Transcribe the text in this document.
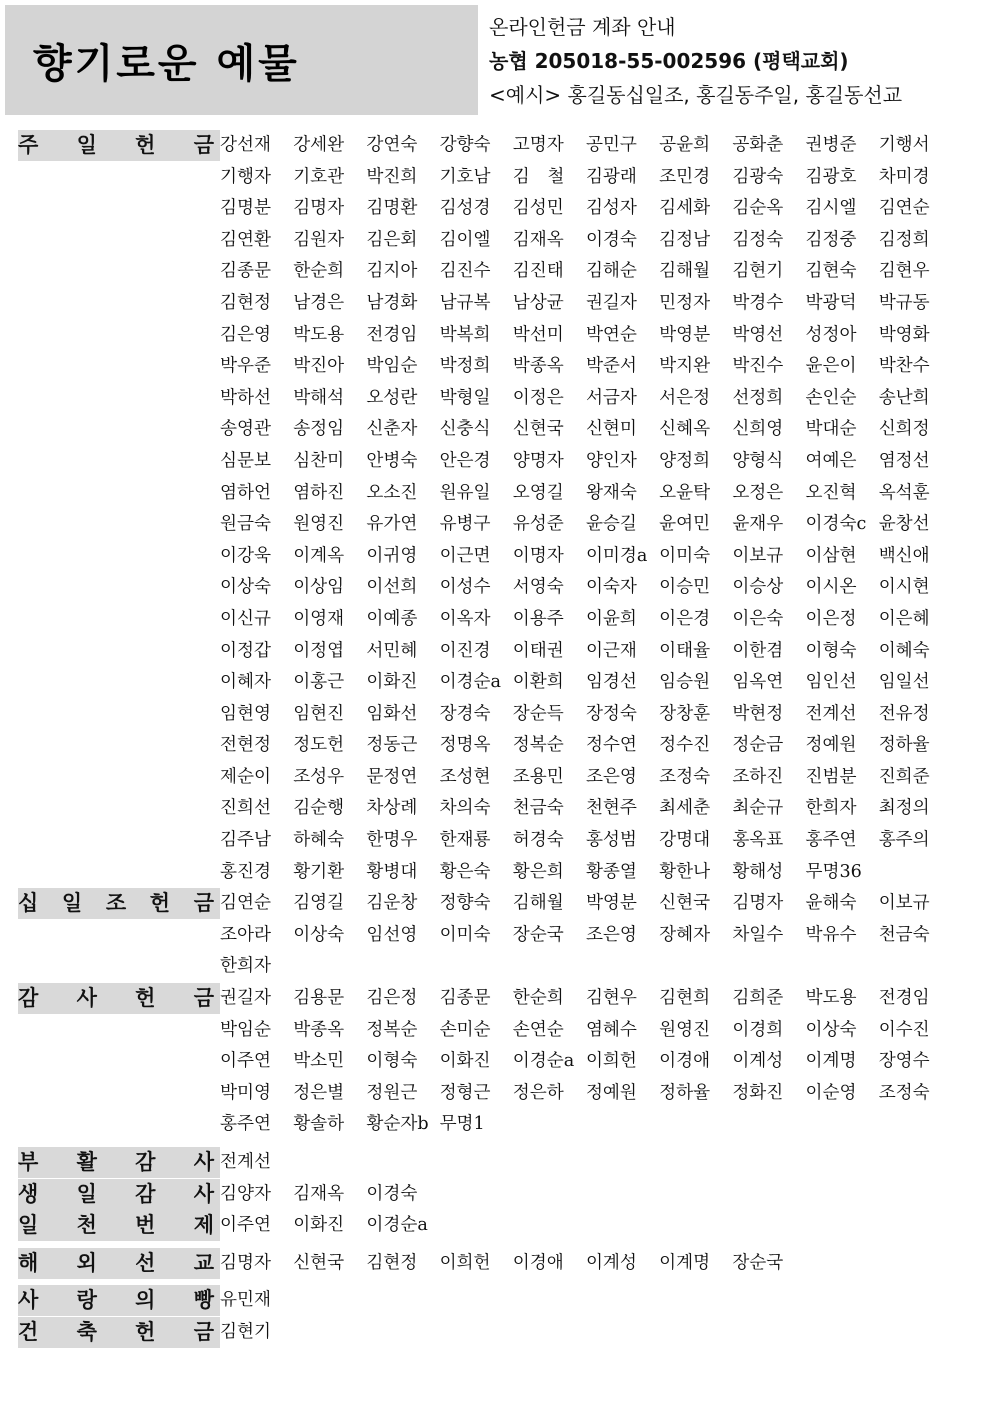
향기로운 예물
온라인헌금 계좌 안내
농협 205018-55-002596 (평택교회)
<예시> 홍길동십일조, 홍길동주일, 홍길동선교
주 일 헌 금 강선재	강세완	강연숙	강향숙	고명자	공민구	공윤희	공화춘	권병준	기행서
기행자	기호관	박진희	기호남	김　철	김광래	조민경	김광숙	김광호	차미경
김명분	김명자	김명환	김성경	김성민	김성자	김세화	김순옥	김시엘	김연순
김연환	김원자	김은회	김이엘	김재옥	이경숙	김정남	김정숙	김정중	김정희
김종문	한순희	김지아	김진수	김진태	김해순	김해월	김현기	김현숙	김현우
김현정	남경은	남경화	남규복	남상균	권길자	민정자	박경수	박광덕	박규동
김은영	박도용	전경임	박복희	박선미	박연순	박영분	박영선	성정아	박영화
박우준	박진아	박임순	박정희	박종옥	박준서	박지완	박진수	윤은이	박찬수
박하선	박해석	오성란	박형일	이정은	서금자	서은정	선정희	손인순	송난희
송영관	송정임	신춘자	신충식	신현국	신현미	신혜옥	신희영	박대순	신희정
심문보	심찬미	안병숙	안은경	양명자	양인자	양정희	양형식	여예은	염정선
염하언	염하진	오소진	원유일	오영길	왕재숙	오윤탁	오정은	오진혁	옥석훈
원금숙	원영진	유가연	유병구	유성준	윤승길	윤여민	윤재우	이경숙c 윤창선
이강욱	이계옥	이귀영	이근면	이명자	이미경a 이미숙	이보규	이삼현	백신애
이상숙	이상임	이선희	이성수	서영숙	이숙자	이승민	이승상	이시온	이시현
이신규	이영재	이예종	이옥자	이용주	이윤희	이은경	이은숙	이은정	이은혜
이정갑	이정엽	서민혜	이진경	이태권	이근재	이태율	이한겸	이형숙	이혜숙
이혜자	이홍근	이화진	이경순a 이환희	임경선	임승원	임옥연	임인선	임일선
임현영	임현진	임화선	장경숙	장순득	장정숙	장창훈	박현정	전계선	전유정
전현정	정도헌	정동근	정명옥	정복순	정수연	정수진	정순금	정예원	정하율
제순이	조성우	문정연	조성현	조용민	조은영	조정숙	조하진	진범분	진희준
진희선	김순행	차상례	차의숙	천금숙	천현주	최세춘	최순규	한희자	최정의
김주남	하혜숙	한명우	한재룡	허경숙	홍성범	강명대	홍옥표	홍주연	홍주의
홍진경	황기환	황병대	황은숙	황은희	황종열	황한나	황해성	무명36
십 일 조 헌 금 김연순	김영길	김운창	정향숙	김해월	박영분	신현국	김명자	윤해숙	이보규
조아라	이상숙	임선영	이미숙	장순국	조은영	장혜자	차일수	박유수	천금숙
한희자
감 사 헌 금 권길자	김용문	김은정	김종문	한순희	김현우	김현희	김희준	박도용	전경임
박임순	박종옥	정복순	손미순	손연순	염혜수	원영진	이경희	이상숙	이수진
이주연	박소민	이형숙	이화진	이경순a 이희헌	이경애	이계성	이계명	장영수
박미영	정은별	정원근	정형근	정은하	정예원	정하율	정화진	이순영	조정숙
홍주연	황솔하	황순자b 무명1
부 활 감 사 전계선
생 일 감 사 김양자	김재옥	이경숙
일 천 번 제 이주연	이화진	이경순a
해 외 선 교 김명자	신현국	김현정	이희헌	이경애	이계성	이계명	장순국
사 랑 의 빵 유민재
건 축 헌 금 김현기
